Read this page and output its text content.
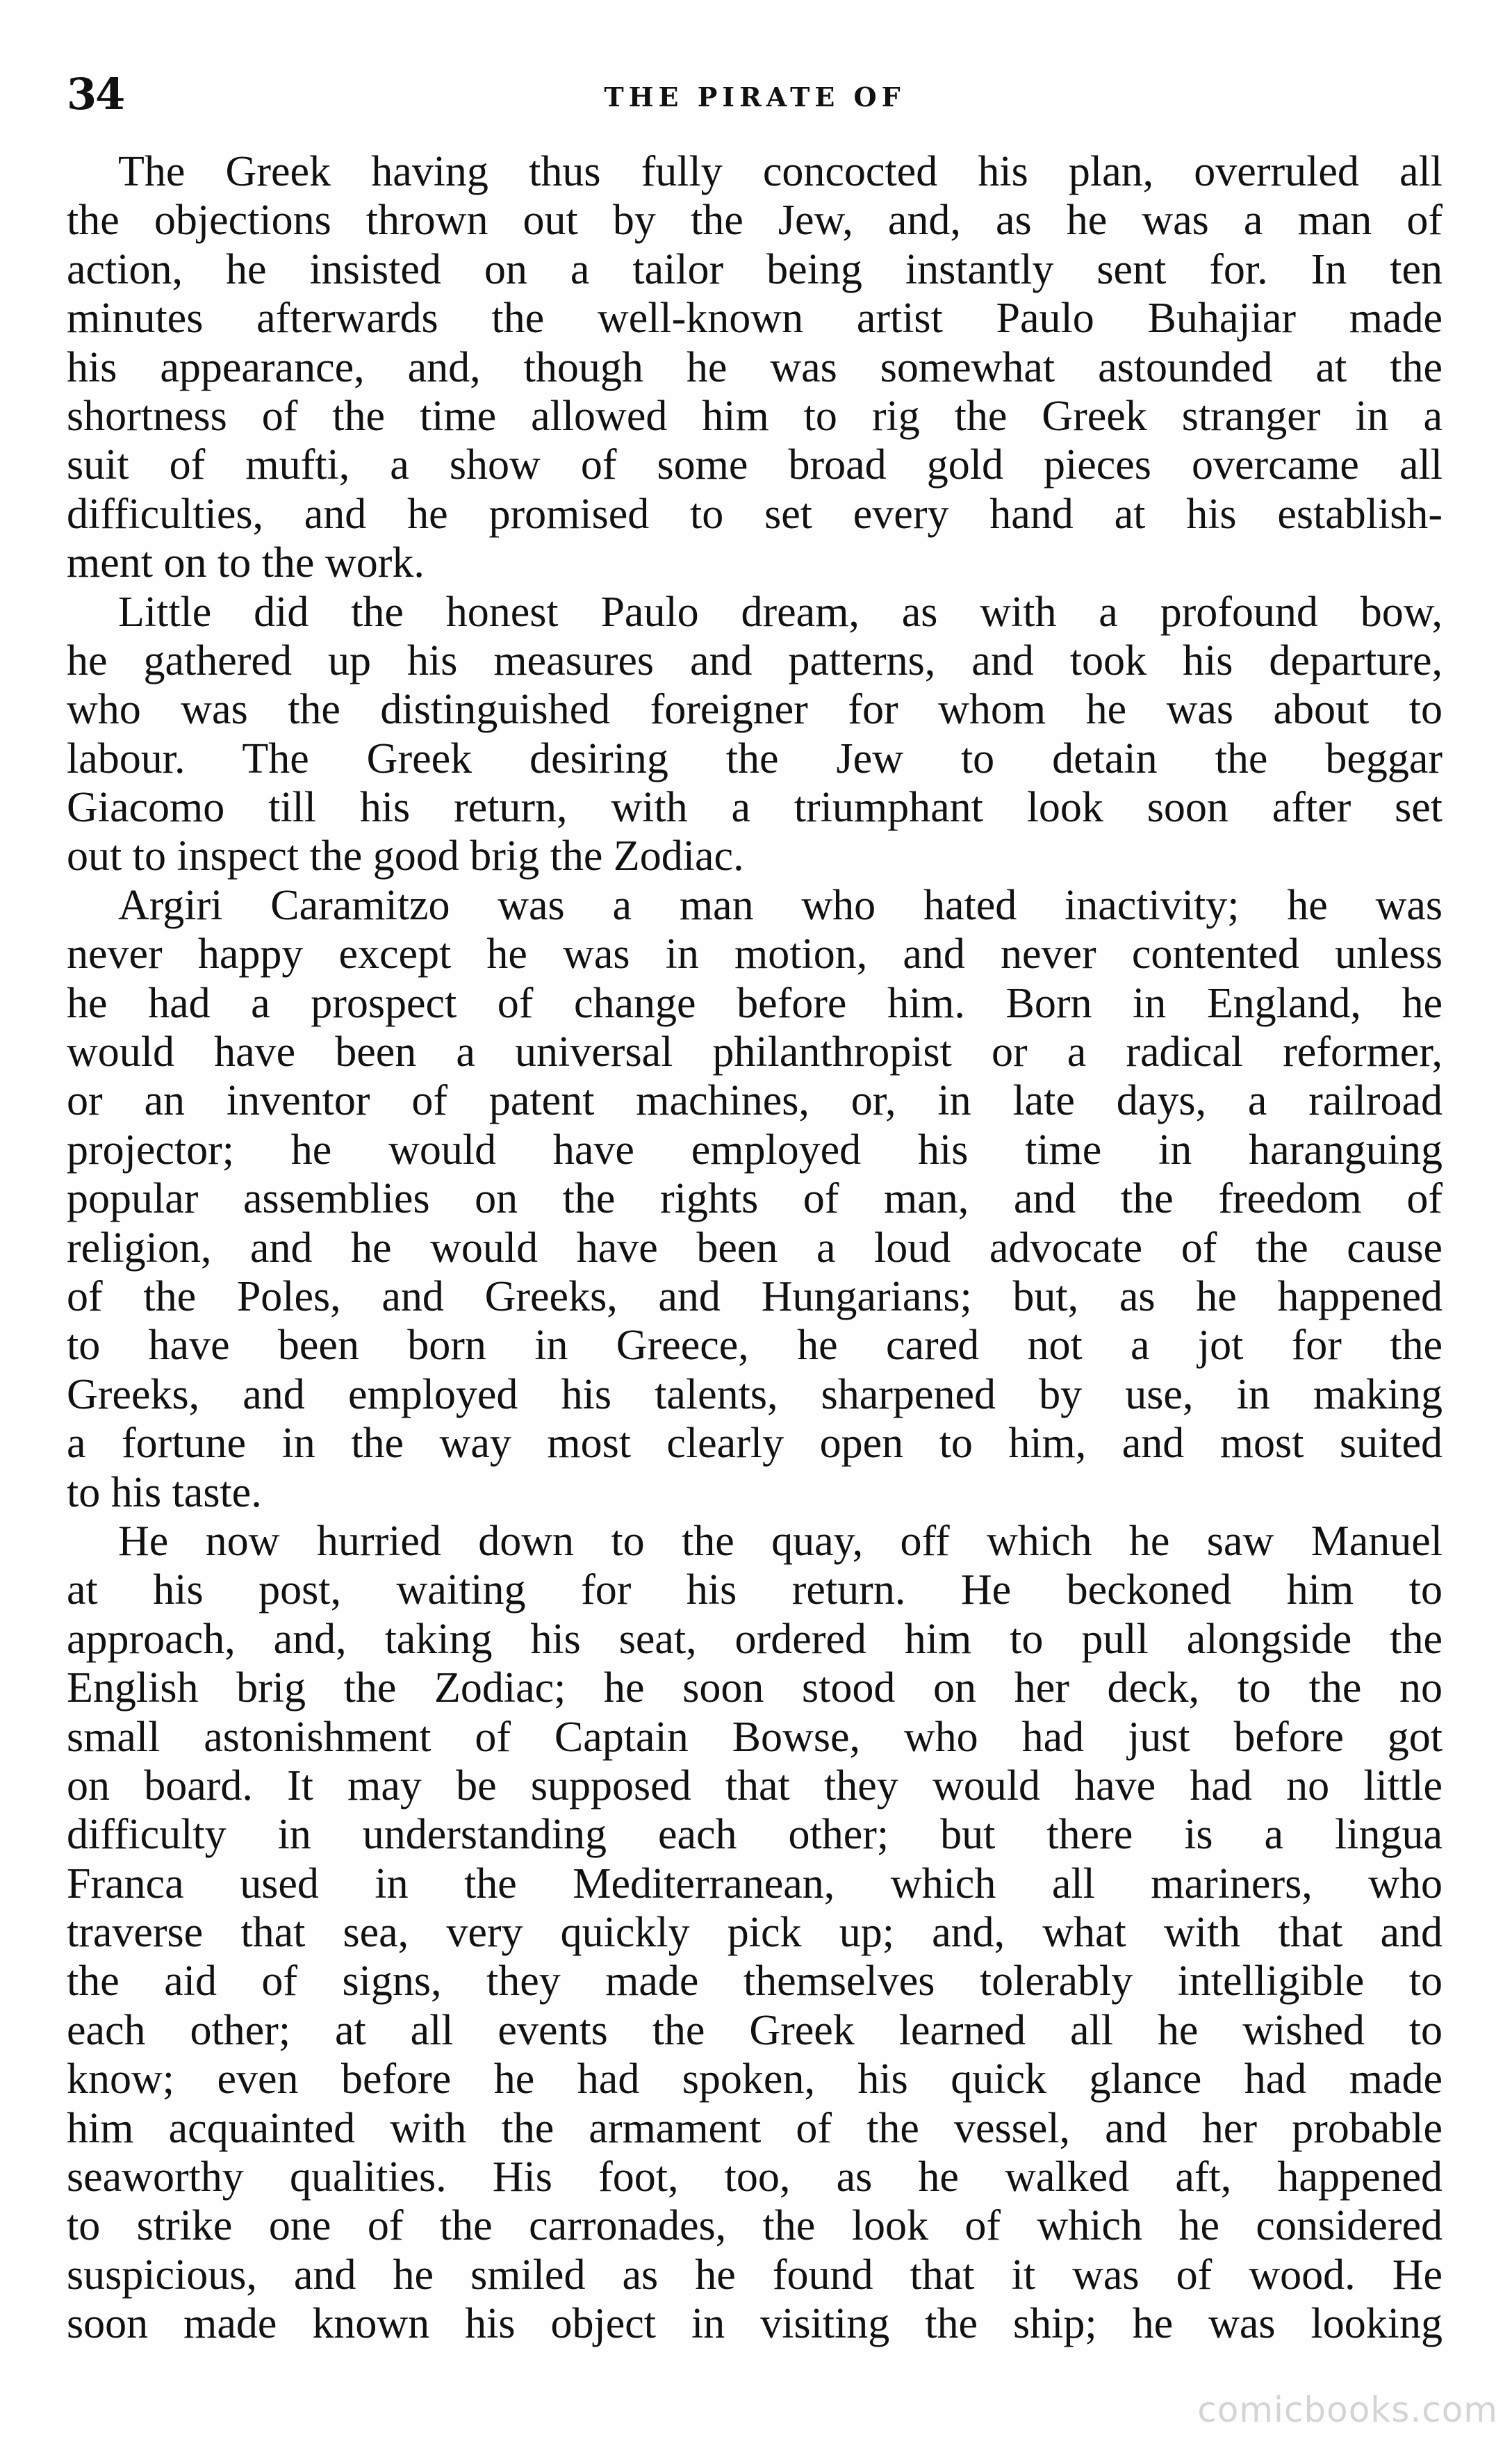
34	THE PIRATE OF
The Greek having thus fully concocted his plan, overruled all
the objections thrown out by the Jew, and, as he was a man of
action, he insisted on a tailor being instantly sent for. In ten
minutes afterwards the well-known artist Paulo Buhajiar made
his appearance, and, though he was somewhat astounded at the
shortness of the time allowed him to rig the Greek stranger in a
suit of mufti, a show of some broad gold pieces overcame all
difficulties, and he promised to set every hand at his establish-
ment on to the work.
Little did the honest Paulo dream, as with a profound bow,
he gathered up his measures and patterns, and took his departure,
who was the distinguished foreigner for whom he was about to
labour. The Greek desiring the Jew to detain the beggar
Giacomo till his return, with a triumphant look soon after set
out to inspect the good brig the Zodiac.
Argiri Caramitzo was a man who hated inactivity; he was
never happy except he was in motion, and never contented unless
he had a prospect of change before him. Born in England, he
would have been a universal philanthropist or a radical reformer,
or an inventor of patent machines, or, in late days, a railroad
projector; he would have employed his time in haranguing
popular assemblies on the rights of man, and the freedom of
religion, and he would have been a loud advocate of the cause
of the Poles, and Greeks, and Hungarians; but, as he happened
to have been born in Greece, he cared not a jot for the
Greeks, and employed his talents, sharpened by use, in making
a fortune in the way most clearly open to him, and most suited
to his taste.
He now hurried down to the quay, off which he saw Manuel
at his post, waiting for his return. He beckoned him to
approach, and, taking his seat, ordered him to pull alongside the
English brig the Zodiac; he soon stood on her deck, to the no
small astonishment of Captain Bowse, who had just before got
on board. It may be supposed that they would have had no little
difficulty in understanding each other; but there is a lingua
Franca used in the Mediterranean, which all mariners, who
traverse that sea, very quickly pick up; and, what with that and
the aid of signs, they made themselves tolerably intelligible to
each other; at all events the Greek learned all he wished to
know; even before he had spoken, his quick glance had made
him acquainted with the armament of the vessel, and her probable
seaworthy qualities. His foot, too, as he walked aft, happened
to strike one of the carronades, the look of which he considered
suspicious, and he smiled as he found that it was of wood. He
soon made known his object in visiting the ship; he was looking
comicbooks.com
